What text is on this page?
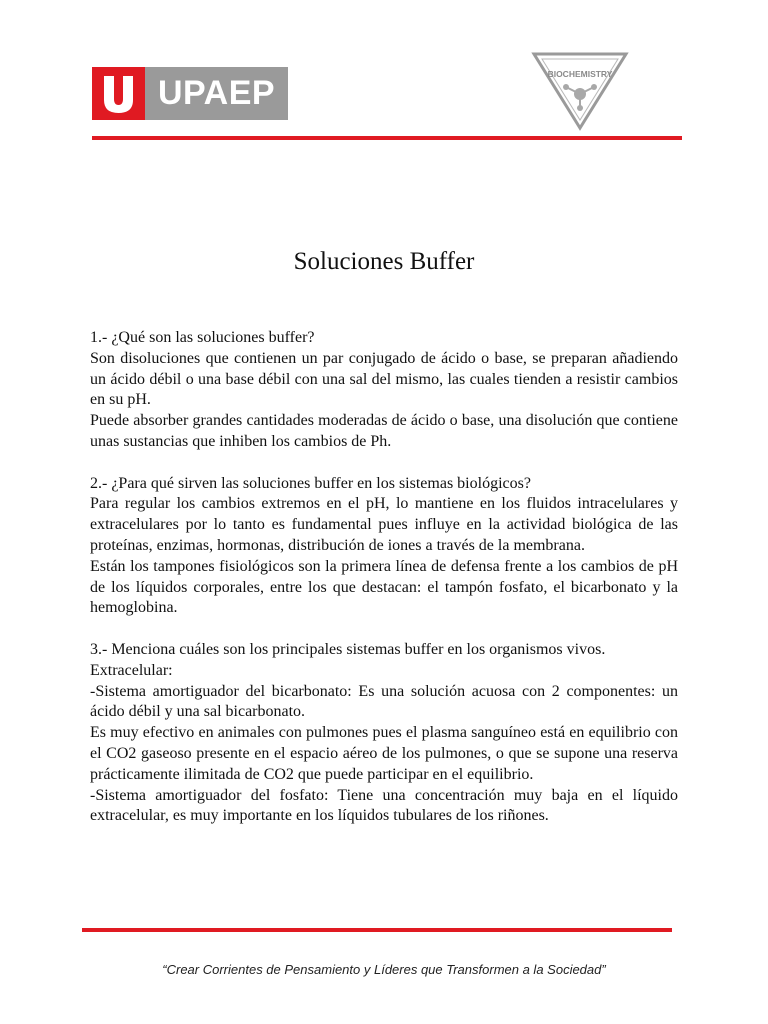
UPAEP	BIOCHEMISTRY
Soluciones Buffer

1.- ¿Qué son las soluciones buffer?

Son disoluciones que contienen un par conjugado de ácido o base, se preparan añadiendo un ácido débil o una base débil con una sal del mismo, las cuales tienden a resistir cambios en su pH.

Puede absorber grandes cantidades moderadas de ácido o base, una disolución que contiene unas sustancias que inhiben los cambios de Ph.

2.- ¿Para qué sirven las soluciones buffer en los sistemas biológicos?

Para regular los cambios extremos en el pH, lo mantiene en los fluidos intracelulares y extracelulares por lo tanto es fundamental pues influye en la actividad biológica de las proteínas, enzimas, hormonas, distribución de iones a través de la membrana.

Están los tampones fisiológicos son la primera línea de defensa frente a los cambios de pH de los líquidos corporales, entre los que destacan: el tampón fosfato, el bicarbonato y la hemoglobina.

3.- Menciona cuáles son los principales sistemas buffer en los organismos vivos.

Extracelular:

-Sistema amortiguador del bicarbonato: Es una solución acuosa con 2 componentes: un ácido débil y una sal bicarbonato.

Es muy efectivo en animales con pulmones pues el plasma sanguíneo está en equilibrio con el CO2 gaseoso presente en el espacio aéreo de los pulmones, o que se supone una reserva prácticamente ilimitada de CO2 que puede participar en el equilibrio.

-Sistema amortiguador del fosfato: Tiene una concentración muy baja en el líquido extracelular, es muy importante en los líquidos tubulares de los riñones.

“Crear Corrientes de Pensamiento y Líderes que Transformen a la Sociedad”
